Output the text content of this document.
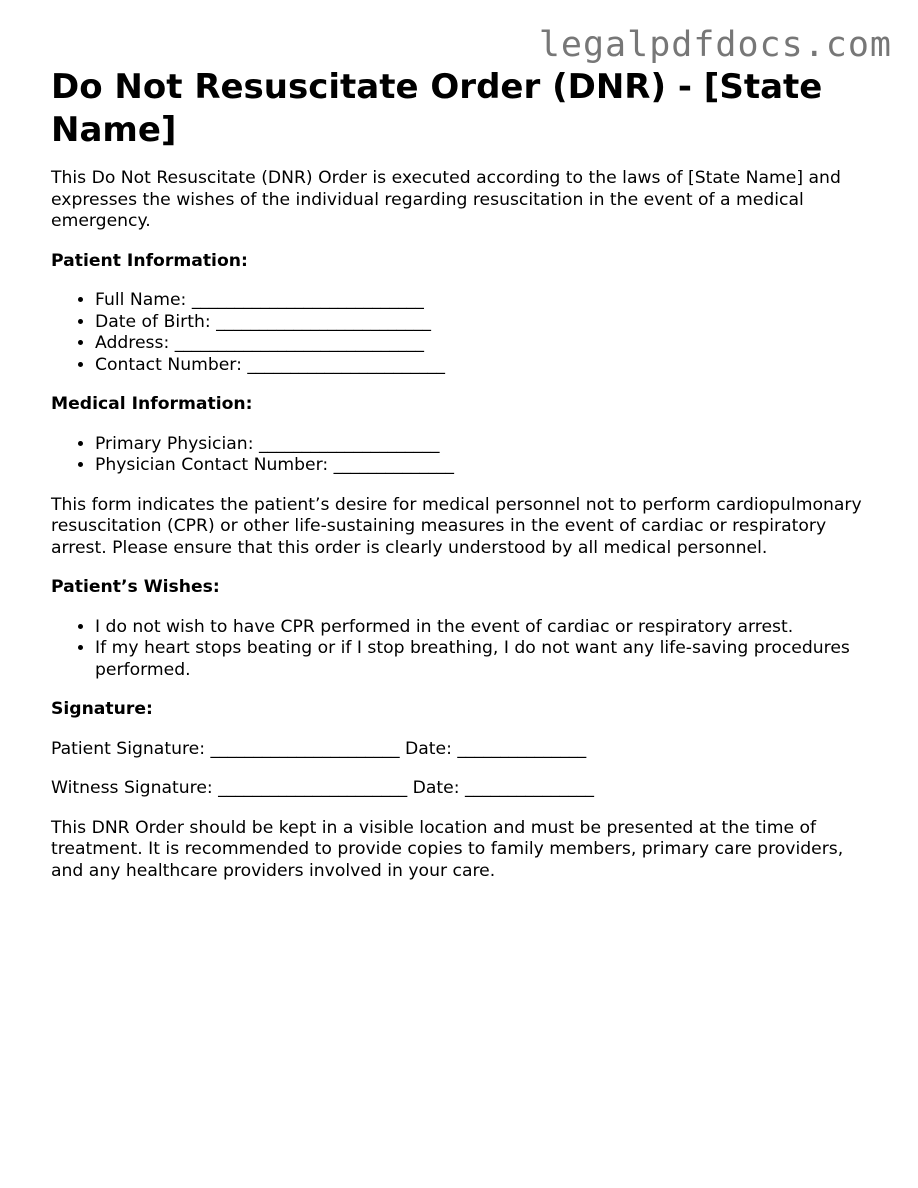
legalpdfdocs.com
Do Not Resuscitate Order (DNR) - [State Name]

This Do Not Resuscitate (DNR) Order is executed according to the laws of [State Name] and expresses the wishes of the individual regarding resuscitation in the event of a medical emergency.

Patient Information:
• Full Name: ___________________________
• Date of Birth: _________________________
• Address: _____________________________
• Contact Number: _______________________
Medical Information:
• Primary Physician: _____________________
• Physician Contact Number: ______________

This form indicates the patient’s desire for medical personnel not to perform cardiopulmonary resuscitation (CPR) or other life-sustaining measures in the event of cardiac or respiratory arrest. Please ensure that this order is clearly understood by all medical personnel.

Patient’s Wishes:
• I do not wish to have CPR performed in the event of cardiac or respiratory arrest.
• If my heart stops beating or if I stop breathing, I do not want any life-saving procedures performed.
Signature:

Patient Signature: ______________________ Date: _______________

Witness Signature: ______________________ Date: _______________

This DNR Order should be kept in a visible location and must be presented at the time of treatment. It is recommended to provide copies to family members, primary care providers, and any healthcare providers involved in your care.
